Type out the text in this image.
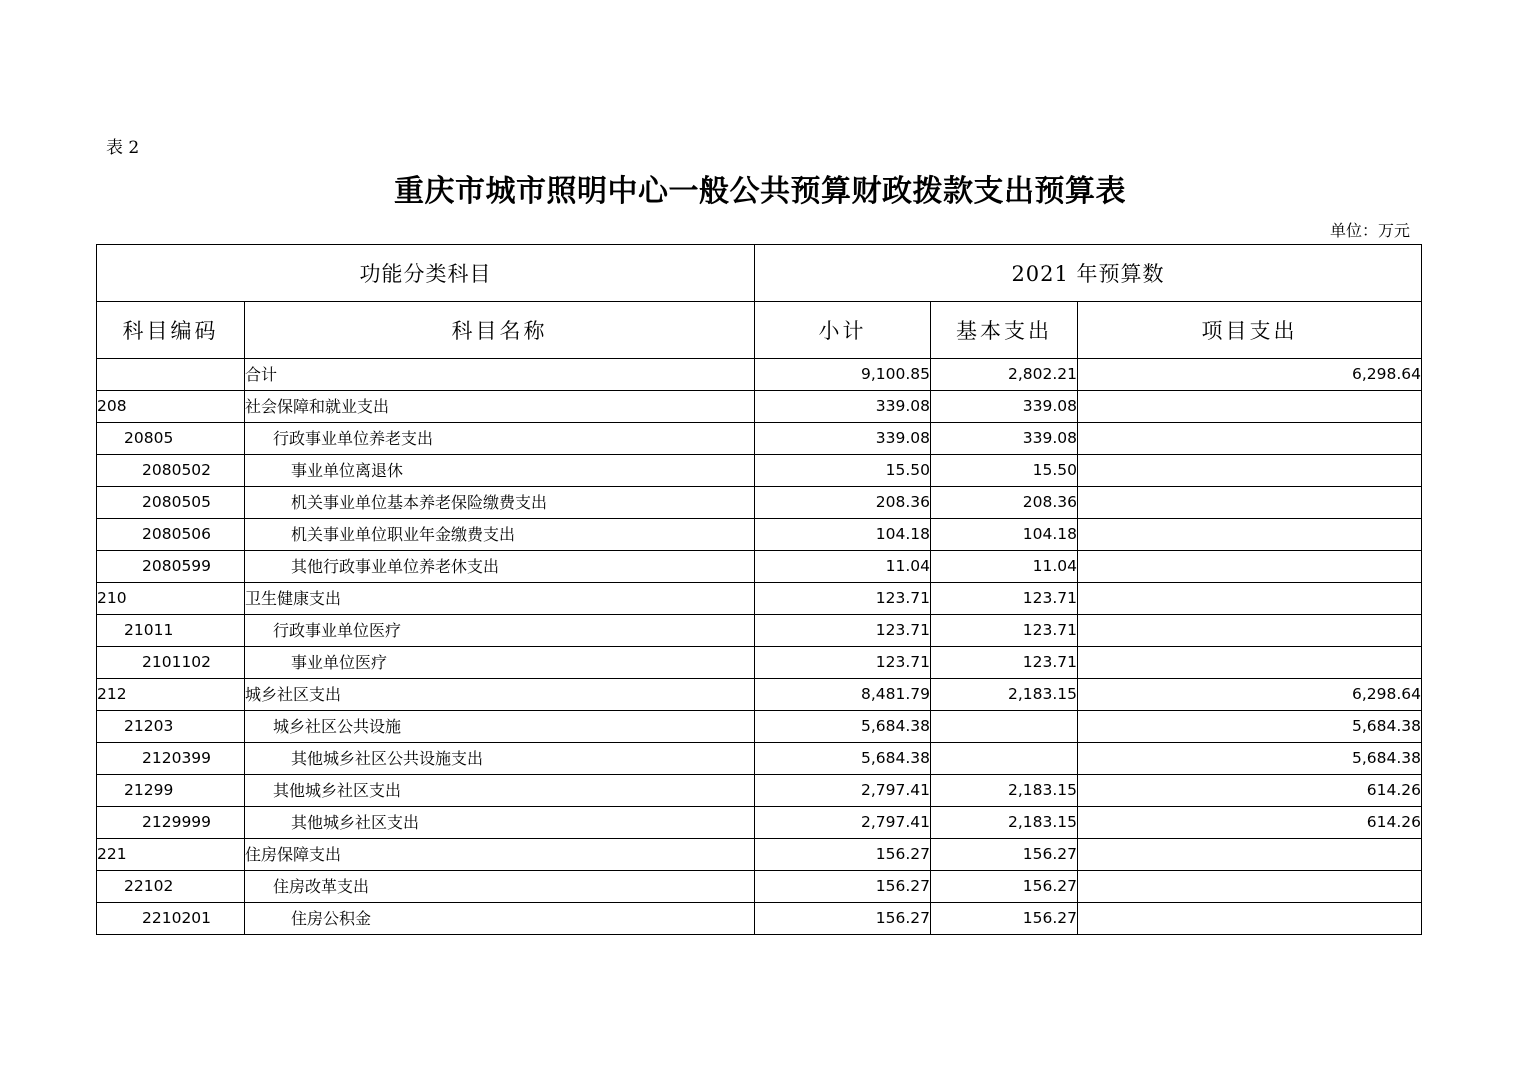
表 2
重庆市城市照明中心一般公共预算财政拨款支出预算表
单位：万元
功能分类科目		2021 年预算数		
科目编码	科目名称	小计	基本支出	项目支出
	合计	9,100.85	2,802.21	6,298.64
208	社会保障和就业支出	339.08	339.08	
20805	行政事业单位养老支出	339.08	339.08	
2080502	事业单位离退休	15.50	15.50	
2080505	机关事业单位基本养老保险缴费支出	208.36	208.36	
2080506	机关事业单位职业年金缴费支出	104.18	104.18	
2080599	其他行政事业单位养老休支出	11.04	11.04	
210	卫生健康支出	123.71	123.71	
21011	行政事业单位医疗	123.71	123.71	
2101102	事业单位医疗	123.71	123.71	
212	城乡社区支出	8,481.79	2,183.15	6,298.64
21203	城乡社区公共设施	5,684.38		5,684.38
2120399	其他城乡社区公共设施支出	5,684.38		5,684.38
21299	其他城乡社区支出	2,797.41	2,183.15	614.26
2129999	其他城乡社区支出	2,797.41	2,183.15	614.26
221	住房保障支出	156.27	156.27	
22102	住房改革支出	156.27	156.27	
2210201	住房公积金	156.27	156.27	
